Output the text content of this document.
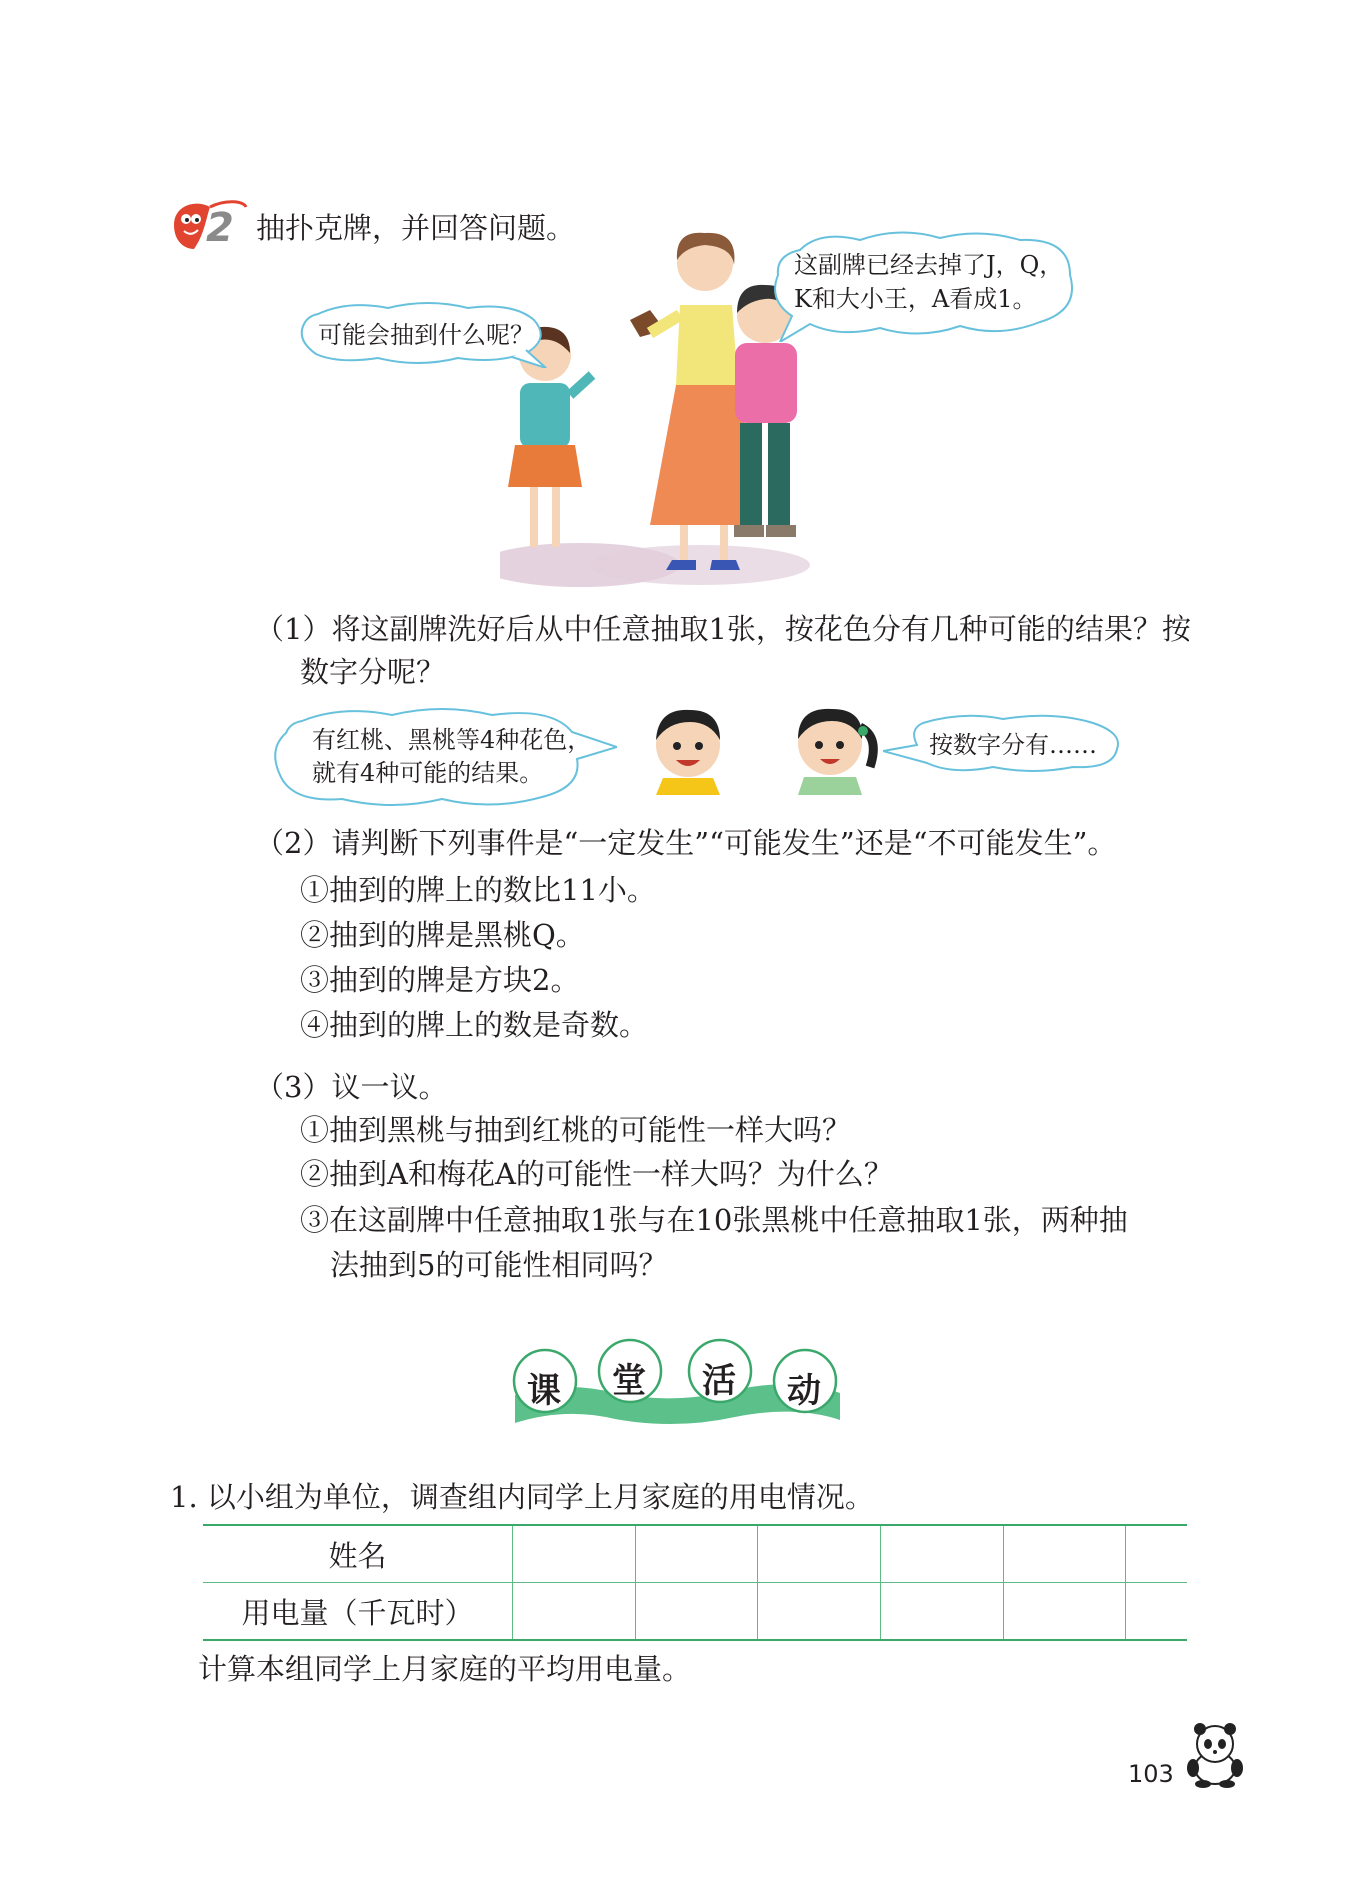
2 抽扑克牌，并回答问题。
这副牌已经去掉了J，Q，
K和大小王，A看成1。
可能会抽到什么呢？
（1）将这副牌洗好后从中任意抽取1张，按花色分有几种可能的结果？按
数字分呢？
有红桃、黑桃等4种花色，
就有4种可能的结果。
按数字分有……
（2）请判断下列事件是“一定发生”“可能发生”还是“不可能发生”。
①抽到的牌上的数比11小。
②抽到的牌是黑桃Q。
③抽到的牌是方块2。
④抽到的牌上的数是奇数。
（3）议一议。
①抽到黑桃与抽到红桃的可能性一样大吗？
②抽到A和梅花A的可能性一样大吗？为什么？
③在这副牌中任意抽取1张与在10张黑桃中任意抽取1张，两种抽
法抽到5的可能性相同吗？
课 堂 活 动
1. 以小组为单位，调查组内同学上月家庭的用电情况。
姓名						
用电量（千瓦时）						
计算本组同学上月家庭的平均用电量。
103
